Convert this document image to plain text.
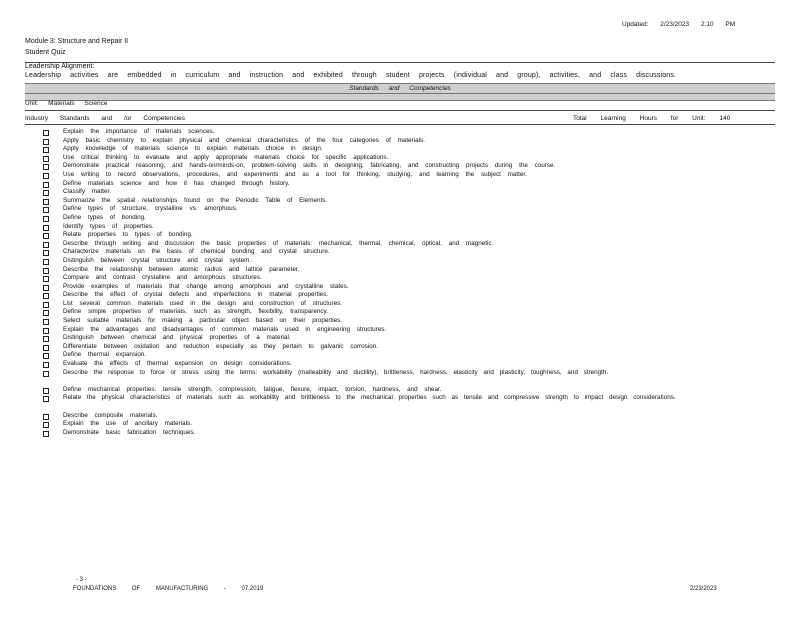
Updated: 2/23/2023 2:10 PM
Module 3: Structure and Repair II
Student Quiz
Leadership Alignment:
Leadership activities are embedded in curriculum and instruction and exhibited through student projects (individual and group), activities, and class discussions.
Standards and Competencies
Unit: Materials Science
Industry Standards and /or Competencies	Total Learning Hours for Unit: 140
Explain the importance of materials sciences.
Apply basic chemistry to explain physical and chemical characteristics of the four categories of materials.
Apply knowledge of materials science to explain materials choice in design.
Use critical thinking to evaluate and apply appropriate materials choice for specific applications.
Demonstrate practical reasoning, and hands-on/minds-on, problem-solving skills in designing, fabricating, and constructing projects during the course.
Use writing to record observations, procedures, and experiments and as a tool for thinking, studying, and learning the subject matter.
Define materials science and how it has changed through history.
Classify matter.
Summarize the spatial relationships found on the Periodic Table of Elements.
Define types of structure, crystalline vs. amorphous.
Define types of bonding.
Identify types of properties.
Relate properties to types of bonding.
Describe through writing and discussion the basic properties of materials: mechanical, thermal, chemical, optical, and magnetic.
Characterize materials on the basis of chemical bonding and crystal structure.
Distinguish between crystal structure and crystal system.
Describe the relationship between atomic radius and lattice parameter.
Compare and contrast crystalline and amorphous structures.
Provide examples of materials that change among amorphous and crystalline states.
Describe the effect of crystal defects and imperfections in material properties.
List several common materials used in the design and construction of structures.
Define simple properties of materials, such as strength, flexibility, transparency.
Select suitable materials for making a particular object based on their properties.
Explain the advantages and disadvantages of common materials used in engineering structures.
Distinguish between chemical and physical properties of a material.
Differentiate between oxidation and reduction especially as they pertain to galvanic corrosion.
Define thermal expansion.
Evaluate the effects of thermal expansion on design considerations.
Describe the response to force or stress using the terms: workability (malleability and ductility), brittleness, hardness, elasticity and plasticity, toughness, and strength.
Define mechanical properties: tensile strength, compression, fatigue, flexure, impact, torsion, hardness, and shear.
Relate the physical characteristics of materials such as workability and brittleness to the mechanical properties such as tensile and compressive strength to impact design considerations.
Describe composite materials.
Explain the use of ancillary materials.
Demonstrate basic fabrication techniques.
- 3 -
FOUNDATIONS OF MANUFACTURING - 07.2019	2/23/2023
